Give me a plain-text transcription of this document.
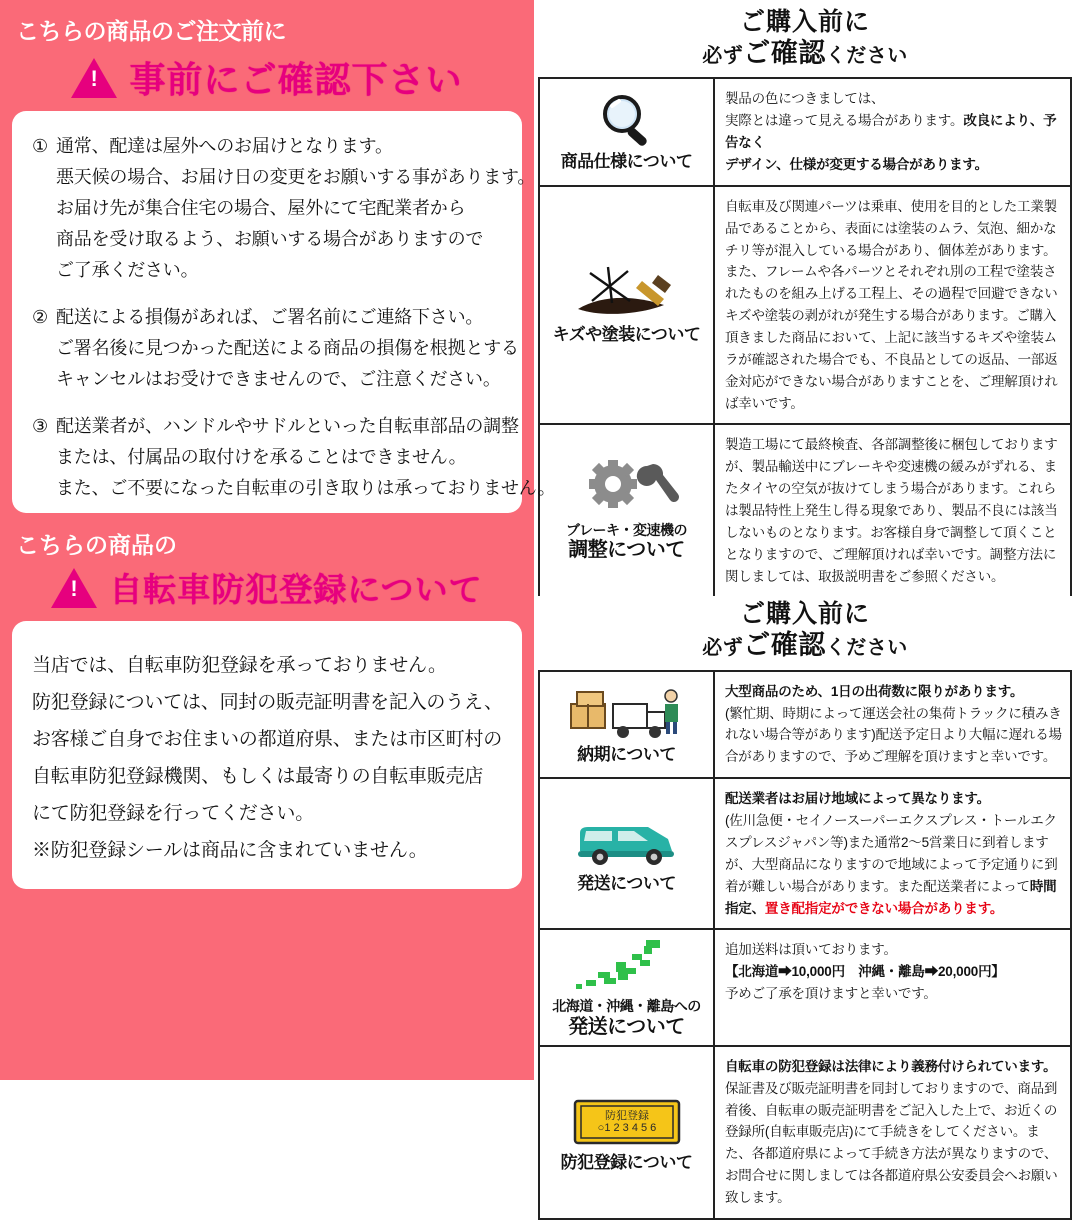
こちらの商品のご注文前に
!
事前にご確認下さい
① 通常、配達は屋外へのお届けとなります。
悪天候の場合、お届け日の変更をお願いする事があります。
お届け先が集合住宅の場合、屋外にて宅配業者から
商品を受け取るよう、お願いする場合がありますので
ご了承ください。
② 配送による損傷があれば、ご署名前にご連絡下さい。
ご署名後に見つかった配送による商品の損傷を根拠とする
キャンセルはお受けできませんので、ご注意ください。
③ 配送業者が、ハンドルやサドルといった自転車部品の調整
または、付属品の取付けを承ることはできません。
また、ご不要になった自転車の引き取りは承っておりません。
こちらの商品の
!
自転車防犯登録について
当店では、自転車防犯登録を承っておりません。
防犯登録については、同封の販売証明書を記入のうえ、
お客様ご自身でお住まいの都道府県、または市区町村の
自転車防犯登録機関、もしくは最寄りの自転車販売店
にて防犯登録を行ってください。
※防犯登録シールは商品に含まれていません。
ご購入前に
必ずご確認ください
商品仕様について
製品の色につきましては、
実際とは違って見える場合があります。改良により、予告なく
デザイン、仕様が変更する場合があります。
キズや塗装について
自転車及び関連パーツは乗車、使用を目的とした工業製品であることから、表面には塗装のムラ、気泡、細かなチリ等が混入している場合があり、個体差があります。また、フレームや各パーツとそれぞれ別の工程で塗装されたものを組み上げる工程上、その過程で回避できないキズや塗装の剥がれが発生する場合があります。ご購入頂きました商品において、上記に該当するキズや塗装ムラが確認された場合でも、不良品としての返品、一部返金対応ができない場合がありますことを、ご理解頂ければ幸いです。
ブレーキ・変速機の
調整について
製造工場にて最終検査、各部調整後に梱包しておりますが、製品輸送中にブレーキや変速機の緩みがずれる、またタイヤの空気が抜けてしまう場合があります。これらは製品特性上発生し得る現象であり、製品不良には該当しないものとなります。お客様自身で調整して頂くこととなりますので、ご理解頂ければ幸いです。調整方法に関しましては、取扱説明書をご参照ください。
ご購入前に
必ずご確認ください
納期について
大型商品のため、1日の出荷数に限りがあります。
(繁忙期、時期によって運送会社の集荷トラックに積みきれない場合等があります)配送予定日より大幅に遅れる場合がありますので、予めご理解を頂けますと幸いです。
発送について
配送業者はお届け地域によって異なります。
(佐川急便・セイノースーパーエクスプレス・トールエクスプレスジャパン等)また通常2〜5営業日に到着しますが、大型商品になりますので地域によって予定通りに到着が難しい場合があります。また配送業者によって時間指定、置き配指定ができない場合があります。
北海道・沖縄・離島への
発送について
追加送料は頂いております。
【北海道➡10,000円　沖縄・離島➡20,000円】
予めご了承を頂けますと幸いです。
防犯登録
○1 2 3 4 5 6
防犯登録について
自転車の防犯登録は法律により義務付けられています。保証書及び販売証明書を同封しておりますので、商品到着後、自転車の販売証明書をご記入した上で、お近くの登録所(自転車販売店)にて手続きをしてください。また、各都道府県によって手続き方法が異なりますので、お問合せに関しましては各都道府県公安委員会へお願い致します。
